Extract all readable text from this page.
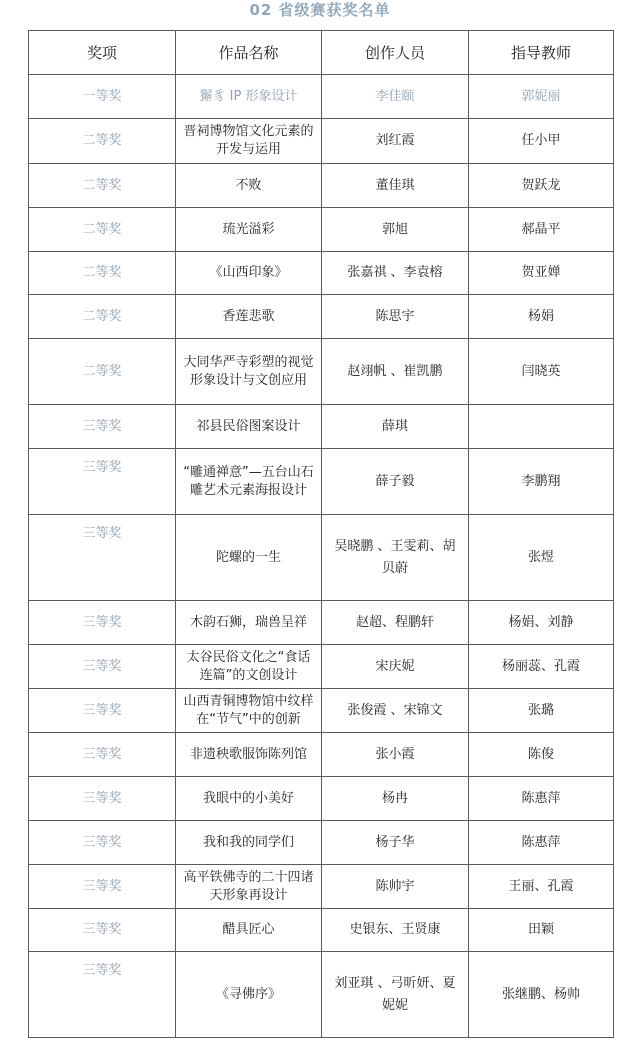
02 省级赛获奖名单
奖项	作品名称	创作人员	指导教师
一等奖	獬豸 IP 形象设计	李佳颐	郭妮丽
二等奖	晋祠博物馆文化元素的开发与运用	刘红霞	任小甲
二等奖	不败	董佳琪	贺跃龙
二等奖	琉光溢彩	郭旭	郝晶平
二等奖	《山西印象》	张嘉祺 、李袁榕	贺亚婵
二等奖	香莲悲歌	陈思宇	杨娟
二等奖	大同华严寺彩塑的视觉形象设计与文创应用	赵翊帆 、崔凯鹏	闫晓英
三等奖	祁县民俗图案设计	薛琪	
三等奖	“雕通禅意”—五台山石雕艺术元素海报设计	薛子毅	李鹏翔
三等奖	陀螺的一生	吴晓鹏 、王雯莉、胡贝蔚	张煜
三等奖	木韵石狮，瑞兽呈祥	赵超、程鹏轩	杨娟、刘静
三等奖	太谷民俗文化之“食话连篇”的文创设计	宋庆妮	杨丽蕊、孔霞
三等奖	山西青铜博物馆中纹样在“节气”中的创新	张俊霞 、宋锦文	张璐
三等奖	非遗秧歌服饰陈列馆	张小霞	陈俊
三等奖	我眼中的小美好	杨冉	陈惠萍
三等奖	我和我的同学们	杨子华	陈惠萍
三等奖	高平铁佛寺的二十四诸天形象再设计	陈帅宇	王丽、孔霞
三等奖	醋具匠心	史银东、王贤康	田颖
三等奖	《寻佛序》	刘亚琪 、弓昕妍、夏妮妮	张继鹏、杨帅
